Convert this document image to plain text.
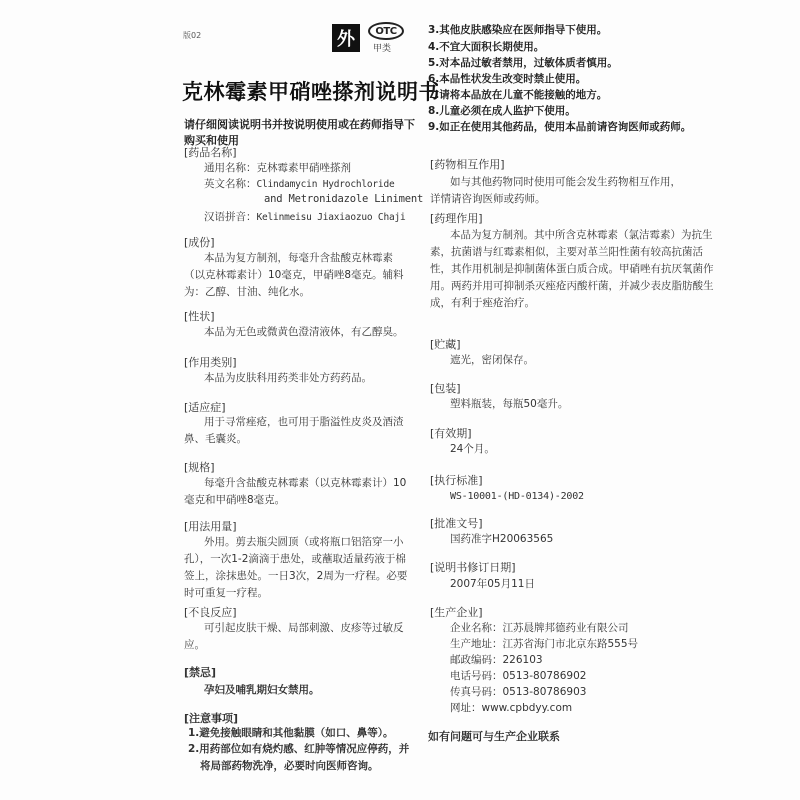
版02	外	OTC
甲类
克林霉素甲硝唑搽剂说明书
请仔细阅读说明书并按说明使用或在药师指导下购买和使用
[药品名称]
通用名称：克林霉素甲硝唑搽剂
英文名称：Clindamycin Hydrochloride
and Metronidazole Liniment
汉语拼音：Kelinmeisu Jiaxiaozuo Chaji
[成份]
本品为复方制剂，每毫升含盐酸克林霉素（以克林霉素计）10毫克，甲硝唑8毫克。辅料为：乙醇、甘油、纯化水。
[性状]
本品为无色或微黄色澄清液体，有乙醇臭。
[作用类别]
本品为皮肤科用药类非处方药药品。
[适应症]
用于寻常痤疮，也可用于脂溢性皮炎及酒渣鼻、毛囊炎。
[规格]
每毫升含盐酸克林霉素（以克林霉素计）10毫克和甲硝唑8毫克。
[用法用量]
外用。剪去瓶尖圆顶（或将瓶口铝箔穿一小孔），一次1-2滴滴于患处，或蘸取适量药液于棉签上，涂抹患处。一日3次，2周为一疗程。必要时可重复一疗程。
[不良反应]
可引起皮肤干燥、局部刺激、皮疹等过敏反应。
[禁忌]
孕妇及哺乳期妇女禁用。
[注意事项]
1.避免接触眼睛和其他黏膜（如口、鼻等）。
2.用药部位如有烧灼感、红肿等情况应停药，并将局部药物洗净，必要时向医师咨询。
3.其他皮肤感染应在医师指导下使用。
4.不宜大面积长期使用。
5.对本品过敏者禁用，过敏体质者慎用。
6.本品性状发生改变时禁止使用。
7.请将本品放在儿童不能接触的地方。
8.儿童必须在成人监护下使用。
9.如正在使用其他药品，使用本品前请咨询医师或药师。
[药物相互作用]
如与其他药物同时使用可能会发生药物相互作用，详情请咨询医师或药师。
[药理作用]
本品为复方制剂。其中所含克林霉素（氯洁霉素）为抗生素，抗菌谱与红霉素相似，主要对革兰阳性菌有较高抗菌活性，其作用机制是抑制菌体蛋白质合成。甲硝唑有抗厌氧菌作用。两药并用可抑制杀灭痤疮丙酸杆菌，并减少表皮脂肪酸生成，有利于痤疮治疗。
[贮藏]
遮光，密闭保存。
[包装]
塑料瓶装，每瓶50毫升。
[有效期]
24个月。
[执行标准]
WS-10001-(HD-0134)-2002
[批准文号]
国药准字H20063565
[说明书修订日期]
2007年05月11日
[生产企业]
企业名称：江苏晨牌邦德药业有限公司
生产地址：江苏省海门市北京东路555号
邮政编码：226103
电话号码：0513-80786902
传真号码：0513-80786903
网址：www.cpbdyy.com
如有问题可与生产企业联系
